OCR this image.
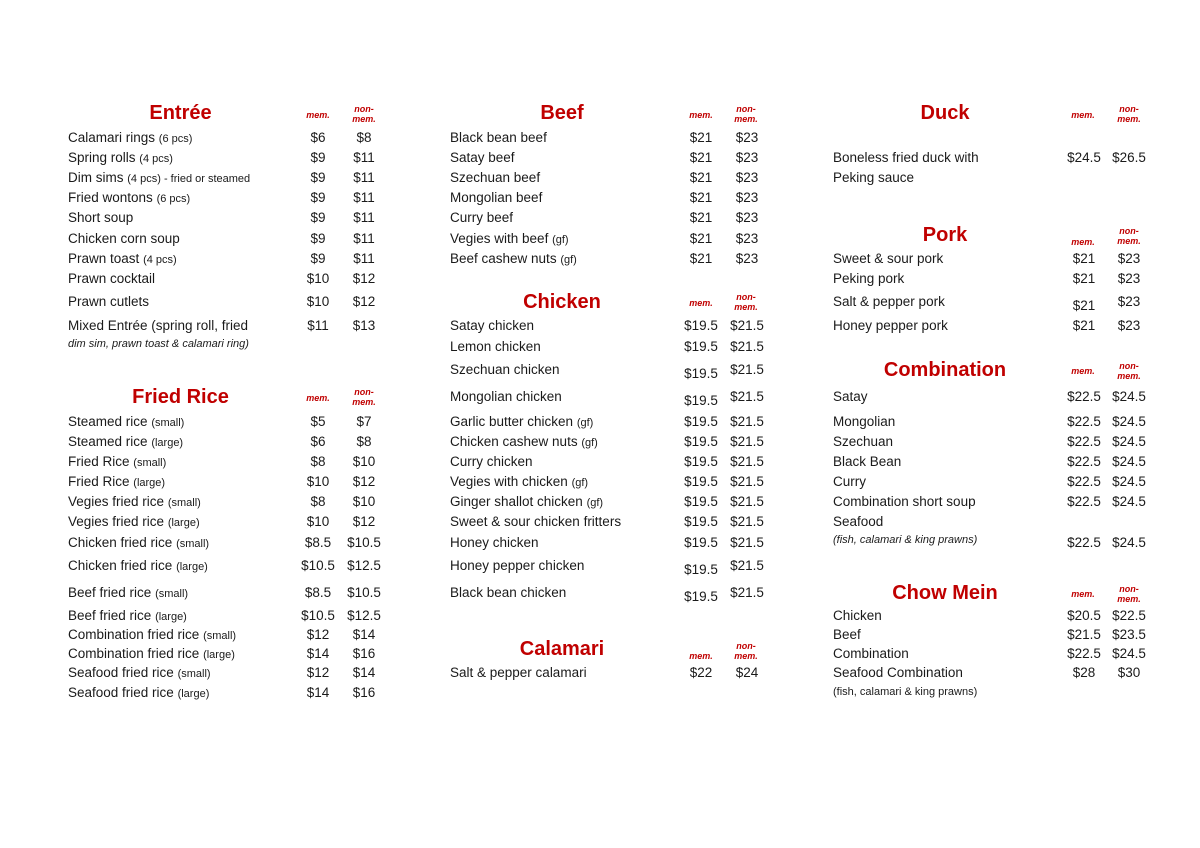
Entrée	mem.
non-
mem.
Calamari rings (6 pcs)	$6	$8
Spring rolls (4 pcs)	$9	$11
Dim sims (4 pcs) - fried or steamed	$9	$11
Fried wontons (6 pcs)	$9	$11
Short soup	$9	$11
Chicken corn soup	$9	$11
Prawn toast (4 pcs)	$9	$11
Prawn cocktail	$10	$12
Prawn cutlets	$10	$12
Mixed Entrée (spring roll, fried	$11	$13
dim sim, prawn toast & calamari ring)
Fried Rice	mem.
non-
mem.
Steamed rice (small)	$5	$7
Steamed rice (large)	$6	$8
Fried Rice (small)	$8	$10
Fried Rice (large)	$10	$12
Vegies fried rice (small)	$8	$10
Vegies fried rice (large)	$10	$12
Chicken fried rice (small)	$8.5	$10.5
Chicken fried rice (large)	$10.5 $12.5
Beef fried rice (small)	$8.5	$10.5
Beef fried rice (large)	$10.5 $12.5
Combination fried rice (small)	$12	$14
Combination fried rice (large)	$14	$16
Seafood fried rice (small)	$12	$14
Seafood fried rice (large)	$14	$16
Beef	mem.
non-
mem.
Black bean beef	$21	$23
Satay beef	$21	$23
Szechuan beef	$21	$23
Mongolian beef	$21	$23
Curry beef	$21	$23
Vegies with beef (gf)	$21	$23
Beef cashew nuts (gf)	$21	$23
Chicken	mem.
non-
mem.
Satay chicken	$19.5 $21.5
Lemon chicken	$19.5 $21.5
Szechuan chicken	$19.5 $21.5
Mongolian chicken	$19.5 $21.5
Garlic butter chicken (gf)	$19.5 $21.5
Chicken cashew nuts (gf)	$19.5 $21.5
Curry chicken	$19.5 $21.5
Vegies with chicken (gf)	$19.5 $21.5
Ginger shallot chicken (gf)	$19.5 $21.5
Sweet & sour chicken fritters	$19.5 $21.5
Honey chicken	$19.5 $21.5
Honey pepper chicken	$19.5 $21.5
Black bean chicken	$19.5 $21.5
Calamari	mem.
non-
mem.
Salt & pepper calamari	$22	$24
Duck	mem.
non-
mem.
Boneless fried duck with	$24.5 $26.5
Peking sauce
Pork	mem.
non-
mem.
Sweet & sour pork	$21	$23
Peking pork	$21	$23
Salt & pepper pork	$21	$23
Honey pepper pork	$21	$23
Combination	mem.	non-
mem.
Satay	$22.5 $24.5
Mongolian	$22.5 $24.5
Szechuan	$22.5 $24.5
Black Bean	$22.5 $24.5
Curry	$22.5 $24.5
Combination short soup	$22.5 $24.5
Seafood
(fish, calamari & king prawns)	$22.5 $24.5
Chow Mein	mem.	non-
mem.
Chicken	$20.5 $22.5
Beef	$21.5 $23.5
Combination	$22.5 $24.5
Seafood Combination	$28	$30
(fish, calamari & king prawns)
